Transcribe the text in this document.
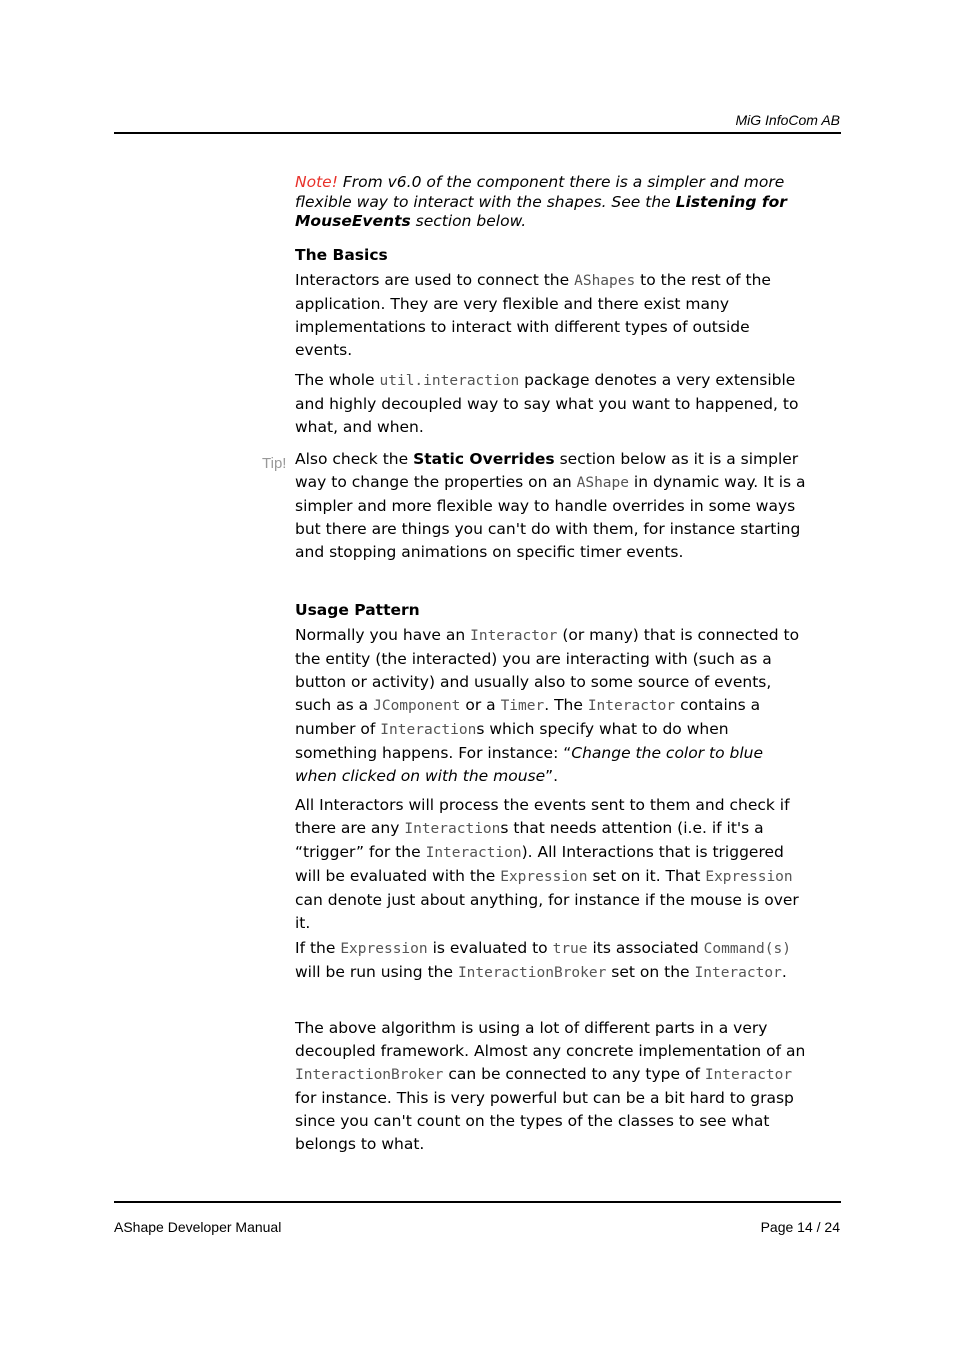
MiG InfoCom AB
Note! From v6.0 of the component there is a simpler and more flexible way to interact with the shapes. See the Listening for MouseEvents section below.
The Basics
Interactors are used to connect the AShapes to the rest of the application. They are very flexible and there exist many implementations to interact with different types of outside events.
The whole util.interaction package denotes a very extensible and highly decoupled way to say what you want to happened, to what, and when.
Tip! Also check the Static Overrides section below as it is a simpler way to change the properties on an AShape in dynamic way. It is a simpler and more flexible way to handle overrides in some ways but there are things you can't do with them, for instance starting and stopping animations on specific timer events.
Usage Pattern
Normally you have an Interactor (or many) that is connected to the entity (the interacted) you are interacting with (such as a button or activity) and usually also to some source of events, such as a JComponent or a Timer. The Interactor contains a number of Interactions which specify what to do when something happens. For instance: “Change the color to blue when clicked on with the mouse”.
All Interactors will process the events sent to them and check if there are any Interactions that needs attention (i.e. if it's a “trigger” for the Interaction). All Interactions that is triggered will be evaluated with the Expression set on it. That Expression can denote just about anything, for instance if the mouse is over it.
If the Expression is evaluated to true its associated Command(s) will be run using the InteractionBroker set on the Interactor.
The above algorithm is using a lot of different parts in a very decoupled framework. Almost any concrete implementation of an InteractionBroker can be connected to any type of Interactor for instance. This is very powerful but can be a bit hard to grasp since you can't count on the types of the classes to see what belongs to what.
AShape Developer Manual	Page 14 / 24
